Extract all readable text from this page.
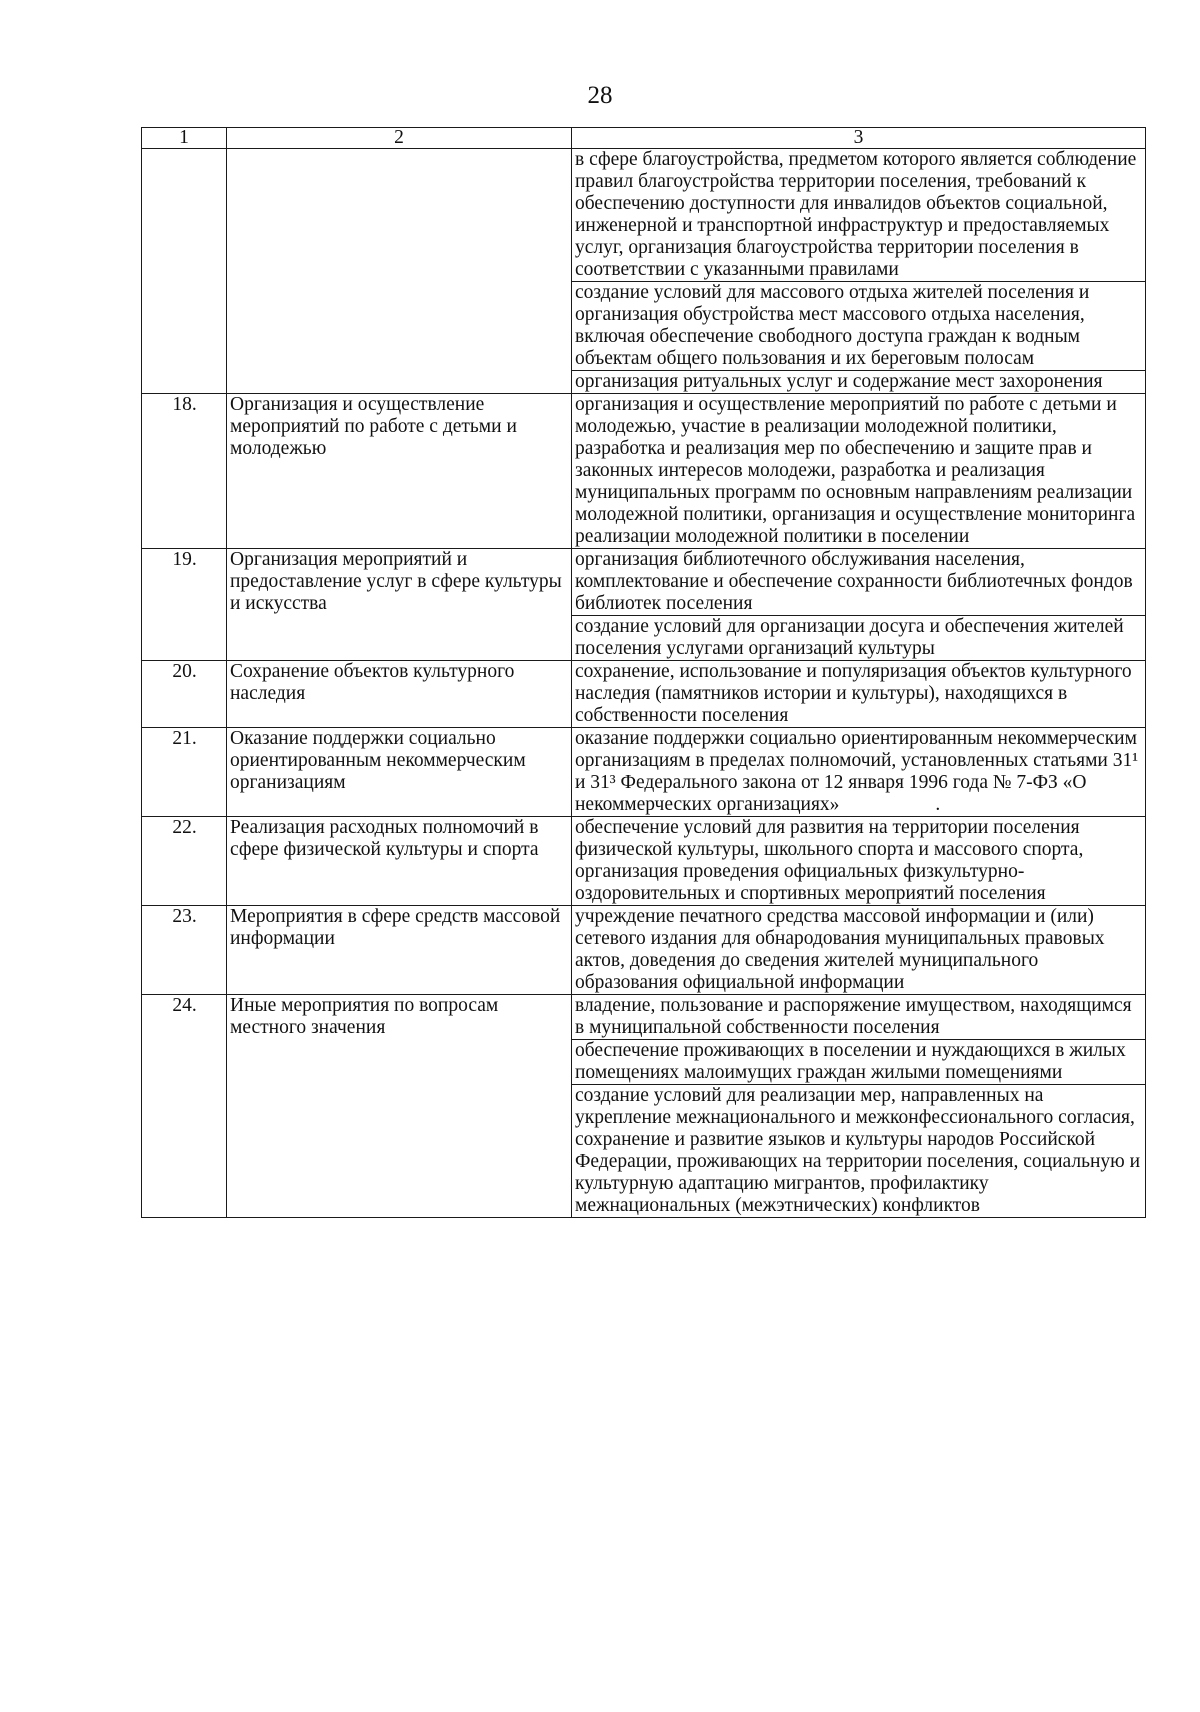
28
1	2	3
		в сфере благоустройства, предметом которого является соблюдение правил благоустройства территории поселения, требований к обеспечению доступности для инвалидов объектов социальной, инженерной и транспортной инфраструктур и предоставляемых услуг, организация благоустройства территории поселения в соответствии с указанными правилами
		создание условий для массового отдыха жителей поселения и организация обустройства мест массового отдыха населения, включая обеспечение свободного доступа граждан к водным объектам общего пользования и их береговым полосам
		организация ритуальных услуг и содержание мест захоронения
18.	Организация и осуществление мероприятий по работе с детьми и молодежью	организация и осуществление мероприятий по работе с детьми и молодежью, участие в реализации молодежной политики, разработка и реализация мер по обеспечению и защите прав и законных интересов молодежи, разработка и реализация муниципальных программ по основным направлениям реализации молодежной политики, организация и осуществление мониторинга реализации молодежной политики в поселении
19.	Организация мероприятий и предоставление услуг в сфере культуры и искусства	организация библиотечного обслуживания населения, комплектование и обеспечение сохранности библиотечных фондов библиотек поселения
		создание условий для организации досуга и обеспечения жителей поселения услугами организаций культуры
20.	Сохранение объектов культурного наследия	сохранение, использование и популяризация объектов культурного наследия (памятников истории и культуры), находящихся в собственности поселения
21.	Оказание поддержки социально ориентированным некоммерческим организациям	оказание поддержки социально ориентированным некоммерческим организациям в пределах полномочий, установленных статьями 31¹ и 31³ Федерального закона от 12 января 1996 года № 7-ФЗ «О некоммерческих организациях» .
22.	Реализация расходных полномочий в сфере физической культуры и спорта	обеспечение условий для развития на территории поселения физической культуры, школьного спорта и массового спорта, организация проведения официальных физкультурно-оздоровительных и спортивных мероприятий поселения
23.	Мероприятия в сфере средств массовой информации	учреждение печатного средства массовой информации и (или) сетевого издания для обнародования муниципальных правовых актов, доведения до сведения жителей муниципального образования официальной информации
24.	Иные мероприятия по вопросам местного значения	владение, пользование и распоряжение имуществом, находящимся в муниципальной собственности поселения
		обеспечение проживающих в поселении и нуждающихся в жилых помещениях малоимущих граждан жилыми помещениями
		создание условий для реализации мер, направленных на укрепление межнационального и межконфессионального согласия, сохранение и развитие языков и культуры народов Российской Федерации, проживающих на территории поселения, социальную и культурную адаптацию мигрантов, профилактику межнациональных (межэтнических) конфликтов
